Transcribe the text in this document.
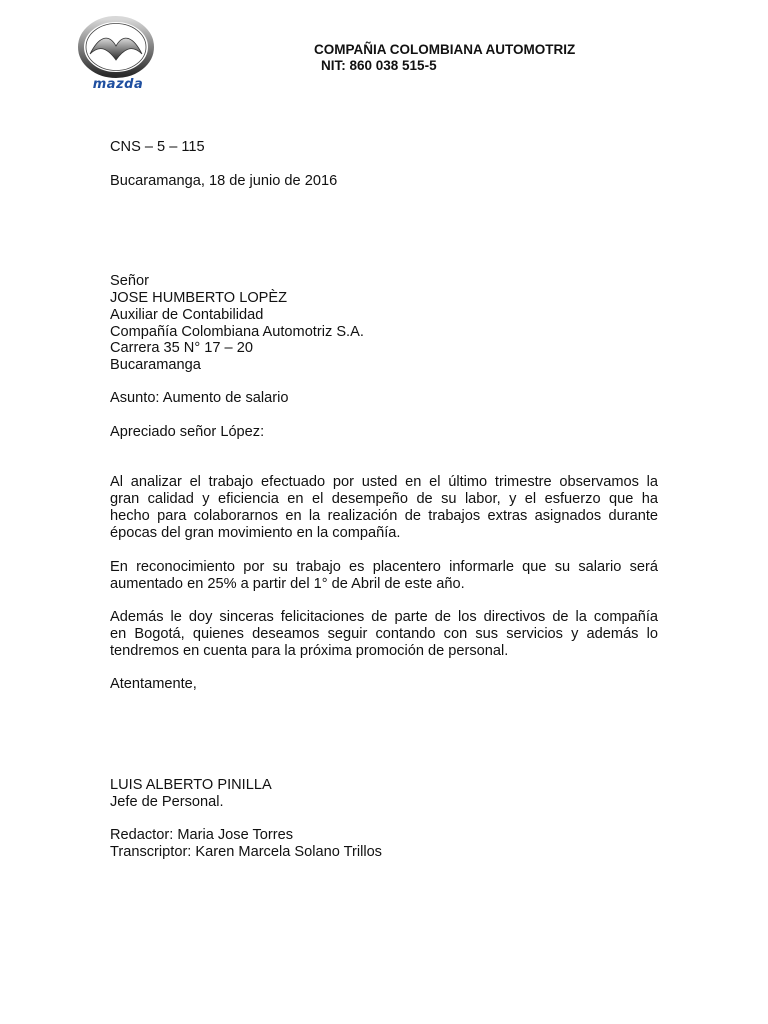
mazda
COMPAÑIA COLOMBIANA AUTOMOTRIZ
NIT: 860 038 515-5
CNS – 5 – 115
Bucaramanga, 18 de junio de 2016
Señor
JOSE HUMBERTO LOPÈZ
Auxiliar de Contabilidad
Compañía Colombiana Automotriz S.A.
Carrera 35 N° 17 – 20
Bucaramanga
Asunto: Aumento de salario
Apreciado señor López:
Al analizar el trabajo efectuado por usted en el último trimestre observamos la
gran calidad y eficiencia en el desempeño de su labor, y el esfuerzo que ha
hecho para colaborarnos en la realización de trabajos extras asignados durante
épocas del gran movimiento en la compañía.
En reconocimiento por su trabajo es placentero informarle que su salario será
aumentado en 25% a partir del 1° de Abril de este año.
Además le doy sinceras felicitaciones de parte de los directivos de la compañía
en Bogotá, quienes deseamos seguir contando con sus servicios y además lo
tendremos en cuenta para la próxima promoción de personal.
Atentamente,
LUIS ALBERTO PINILLA
Jefe de Personal.
Redactor: Maria Jose Torres
Transcriptor: Karen Marcela Solano Trillos
